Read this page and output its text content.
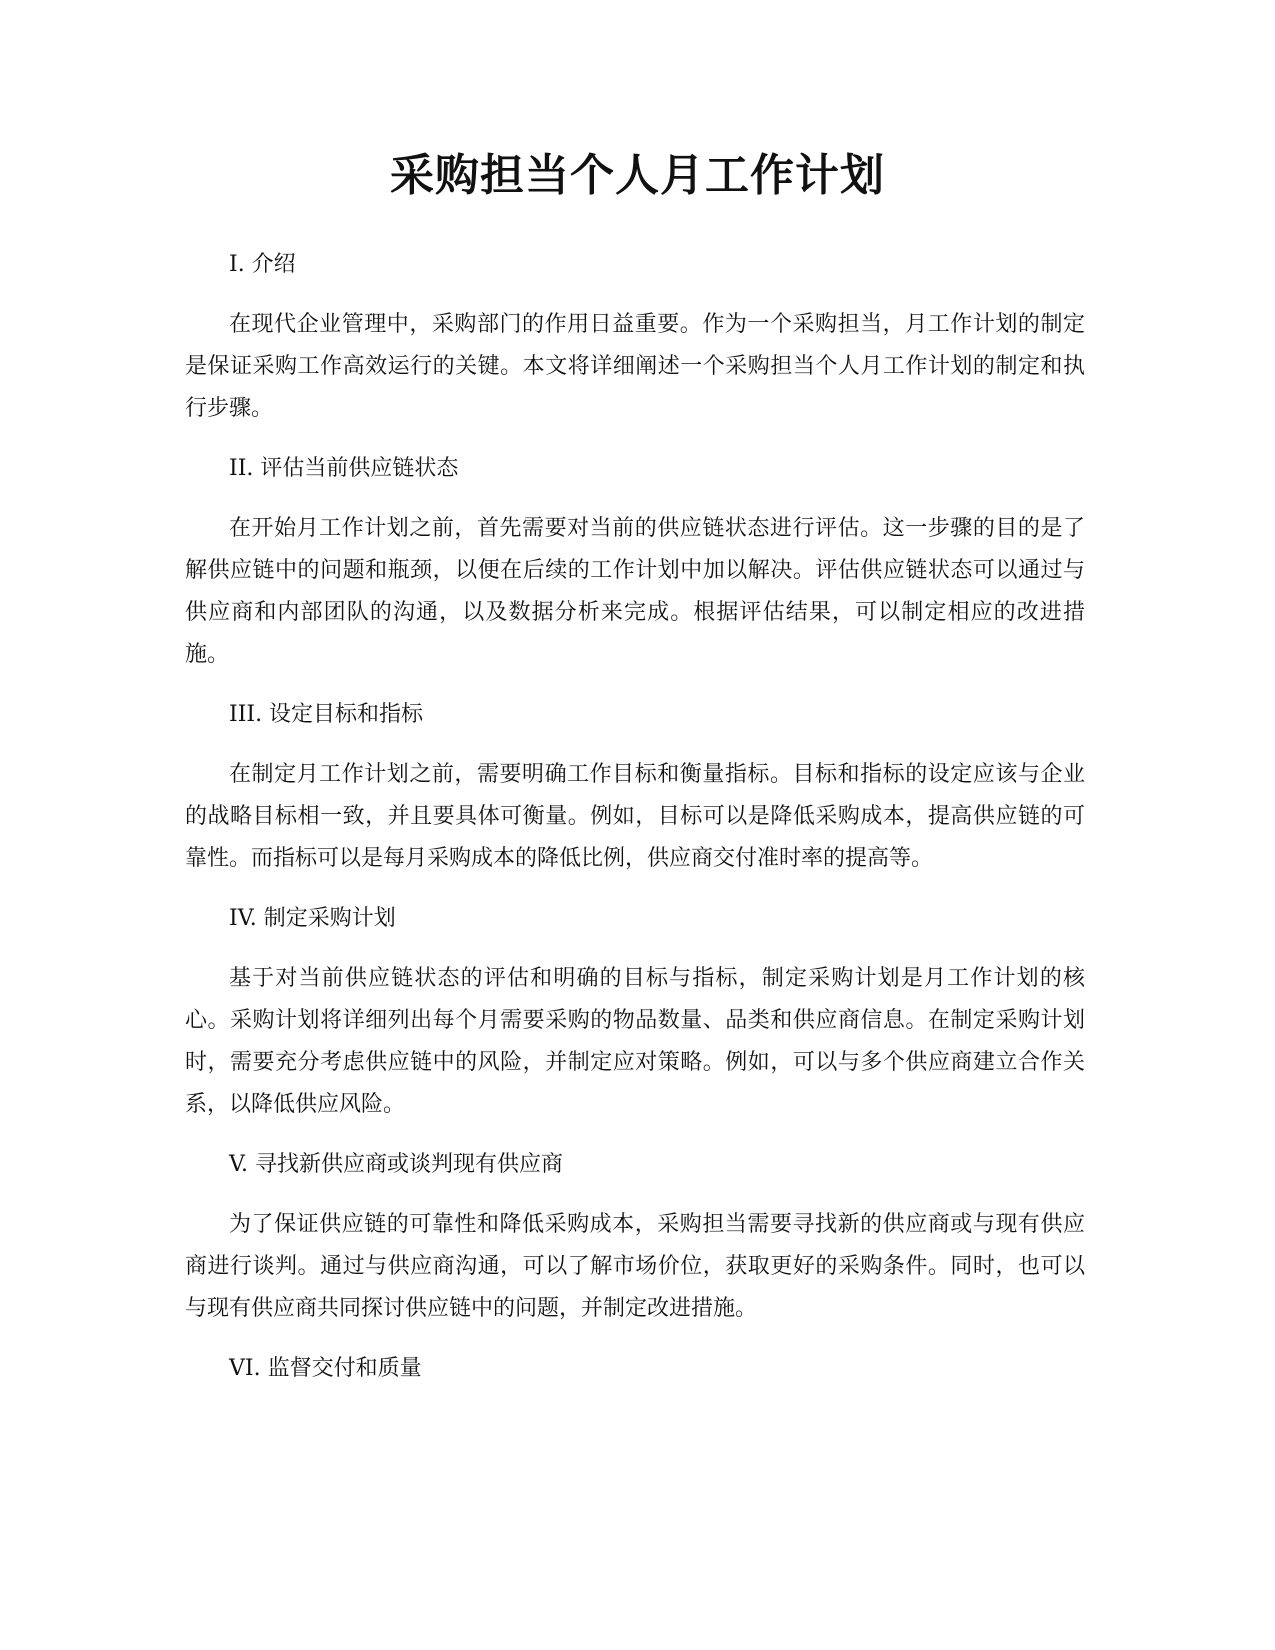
采购担当个人月工作计划
I. 介绍

在现代企业管理中，采购部门的作用日益重要。作为一个采购担当，月工作计划的制定是保证采购工作高效运行的关键。本文将详细阐述一个采购担当个人月工作计划的制定和执行步骤。

II. 评估当前供应链状态

在开始月工作计划之前，首先需要对当前的供应链状态进行评估。这一步骤的目的是了解供应链中的问题和瓶颈，以便在后续的工作计划中加以解决。评估供应链状态可以通过与供应商和内部团队的沟通，以及数据分析来完成。根据评估结果，可以制定相应的改进措施。

III. 设定目标和指标

在制定月工作计划之前，需要明确工作目标和衡量指标。目标和指标的设定应该与企业的战略目标相一致，并且要具体可衡量。例如，目标可以是降低采购成本，提高供应链的可靠性。而指标可以是每月采购成本的降低比例，供应商交付准时率的提高等。

IV. 制定采购计划

基于对当前供应链状态的评估和明确的目标与指标，制定采购计划是月工作计划的核心。采购计划将详细列出每个月需要采购的物品数量、品类和供应商信息。在制定采购计划时，需要充分考虑供应链中的风险，并制定应对策略。例如，可以与多个供应商建立合作关系，以降低供应风险。

V. 寻找新供应商或谈判现有供应商

为了保证供应链的可靠性和降低采购成本，采购担当需要寻找新的供应商或与现有供应商进行谈判。通过与供应商沟通，可以了解市场价位，获取更好的采购条件。同时，也可以与现有供应商共同探讨供应链中的问题，并制定改进措施。

VI. 监督交付和质量
